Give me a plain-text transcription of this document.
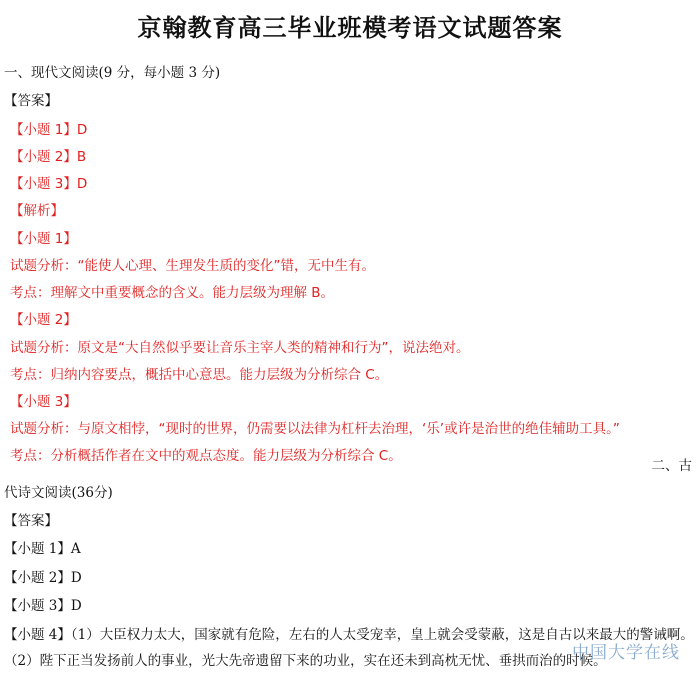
京翰教育高三毕业班模考语文试题答案
一、现代文阅读(9 分，每小题 3 分)
【答案】
【小题 1】D
【小题 2】B
【小题 3】D
【解析】
【小题 1】
试题分析：“能使人心理、生理发生质的变化”错，无中生有。
考点：理解文中重要概念的含义。能力层级为理解 B。
【小题 2】
试题分析：原文是“大自然似乎要让音乐主宰人类的精神和行为”，说法绝对。
考点：归纳内容要点，概括中心意思。能力层级为分析综合 C。
【小题 3】
试题分析：与原文相悖，“现时的世界，仍需要以法律为杠杆去治理，‘乐’或许是治世的绝佳辅助工具。”
考点：分析概括作者在文中的观点态度。能力层级为分析综合 C。
二、古
代诗文阅读(36分)
【答案】
【小题 1】A
【小题 2】D
【小题 3】D
【小题 4】（1）大臣权力太大，国家就有危险，左右的人太受宠幸，皇上就会受蒙蔽，这是自古以来最大的警诫啊。
（2）陛下正当发扬前人的事业，光大先帝遗留下来的功业，实在还未到高枕无忧、垂拱而治的时候。
中国大学在线
